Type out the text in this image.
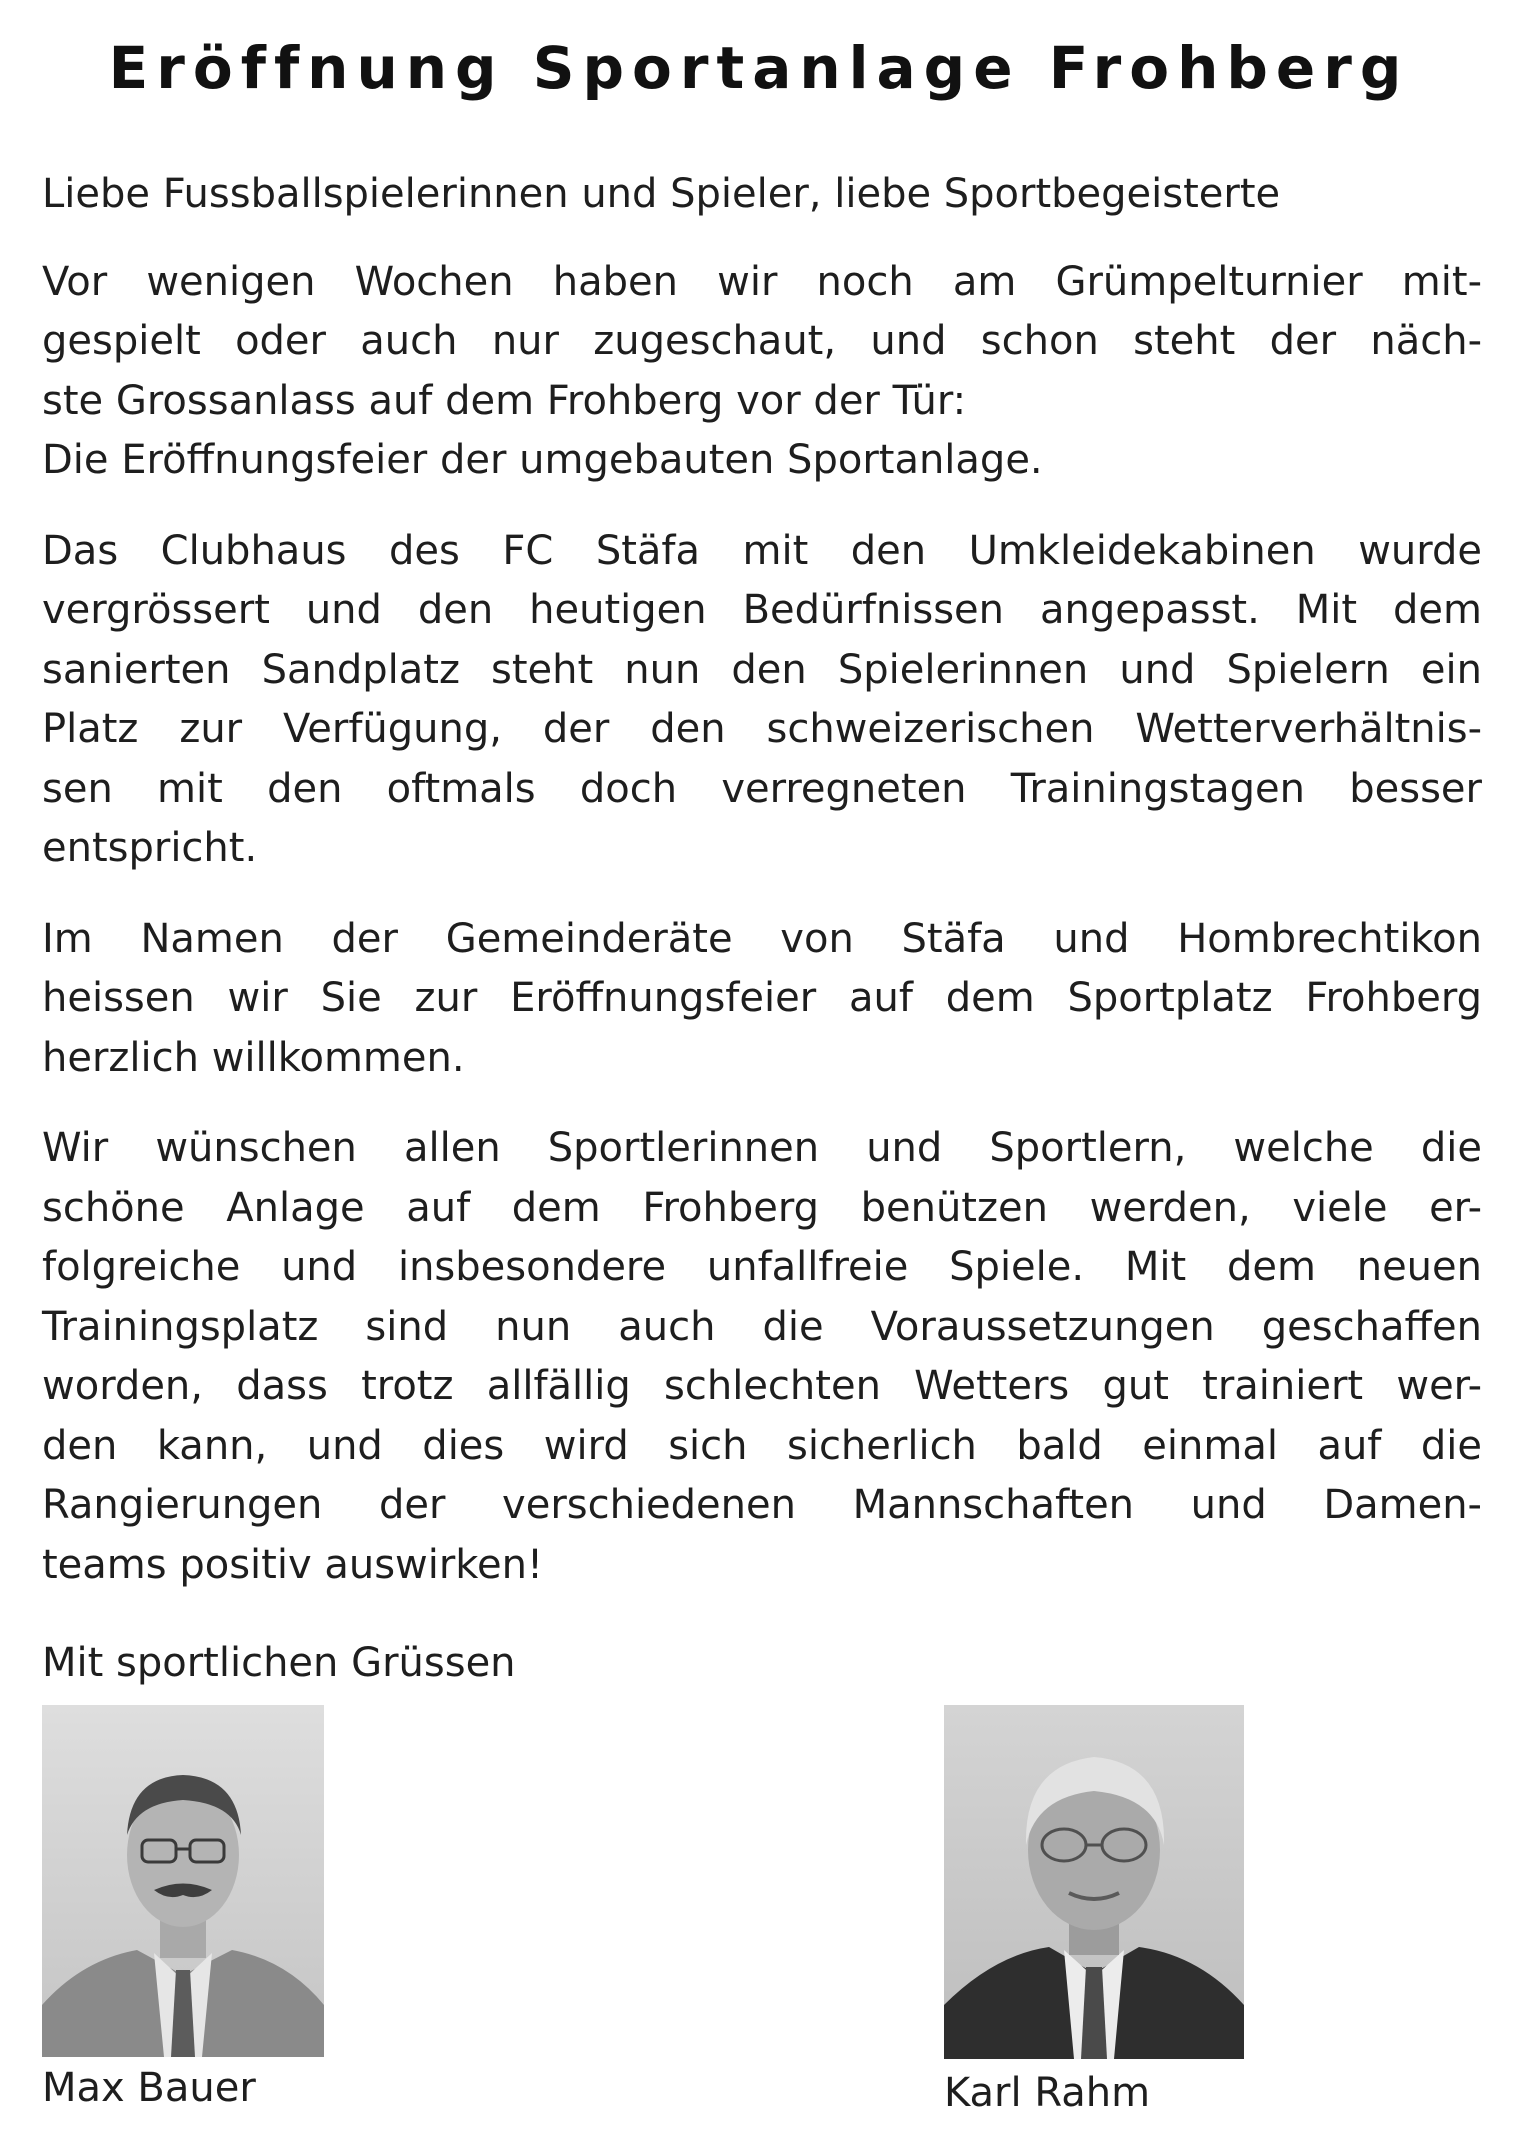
Eröffnung Sportanlage Frohberg

Liebe Fussballspielerinnen und Spieler, liebe Sportbegeisterte

Vor wenigen Wochen haben wir noch am Grümpelturnier mit-
gespielt oder auch nur zugeschaut, und schon steht der näch-
ste Grossanlass auf dem Frohberg vor der Tür:
Die Eröffnungsfeier der umgebauten Sportanlage.

Das Clubhaus des FC Stäfa mit den Umkleidekabinen wurde
vergrössert und den heutigen Bedürfnissen angepasst. Mit dem
sanierten Sandplatz steht nun den Spielerinnen und Spielern ein
Platz zur Verfügung, der den schweizerischen Wetterverhältnis-
sen mit den oftmals doch verregneten Trainingstagen besser
entspricht.

Im Namen der Gemeinderäte von Stäfa und Hombrechtikon
heissen wir Sie zur Eröffnungsfeier auf dem Sportplatz Frohberg
herzlich willkommen.

Wir wünschen allen Sportlerinnen und Sportlern, welche die
schöne Anlage auf dem Frohberg benützen werden, viele er-
folgreiche und insbesondere unfallfreie Spiele. Mit dem neuen
Trainingsplatz sind nun auch die Voraussetzungen geschaffen
worden, dass trotz allfällig schlechten Wetters gut trainiert wer-
den kann, und dies wird sich sicherlich bald einmal auf die
Rangierungen der verschiedenen Mannschaften und Damen-
teams positiv auswirken!

Mit sportlichen Grüssen
Max Bauer	Karl Rahm
